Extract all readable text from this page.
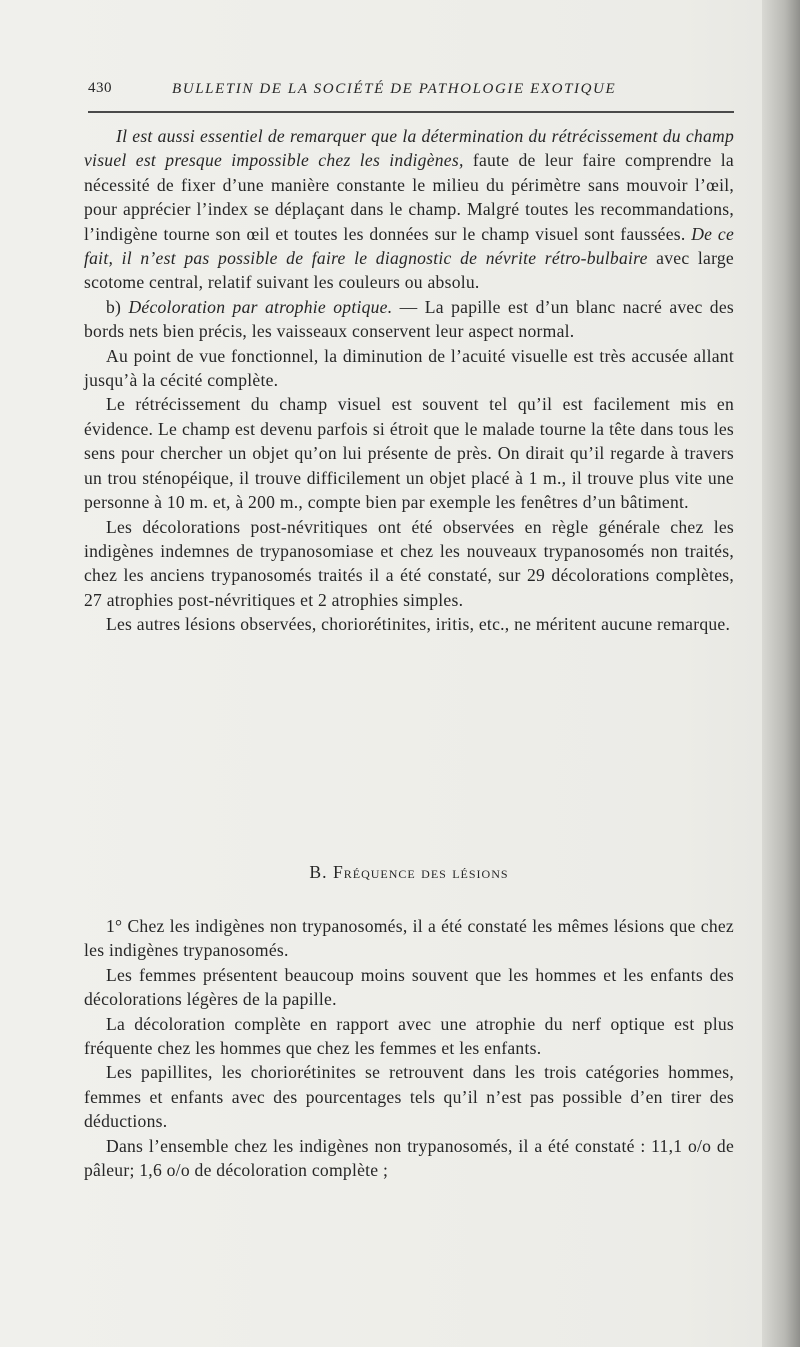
430	BULLETIN DE LA SOCIÉTÉ DE PATHOLOGIE EXOTIQUE

Il est aussi essentiel de remarquer que la détermination du rétrécissement du champ visuel est presque impossible chez les indigènes, faute de leur faire comprendre la nécessité de fixer d’une manière constante le milieu du périmètre sans mouvoir l’œil, pour apprécier l’index se déplaçant dans le champ. Malgré toutes les recommandations, l’indigène tourne son œil et toutes les données sur le champ visuel sont faussées. De ce fait, il n’est pas possible de faire le diagnostic de névrite rétro-bulbaire avec large scotome central, relatif suivant les couleurs ou absolu.

b) Décoloration par atrophie optique. — La papille est d’un blanc nacré avec des bords nets bien précis, les vaisseaux conservent leur aspect normal.

Au point de vue fonctionnel, la diminution de l’acuité visuelle est très accusée allant jusqu’à la cécité complète.

Le rétrécissement du champ visuel est souvent tel qu’il est facilement mis en évidence. Le champ est devenu parfois si étroit que le malade tourne la tête dans tous les sens pour chercher un objet qu’on lui présente de près. On dirait qu’il regarde à travers un trou sténopéique, il trouve difficilement un objet placé à 1 m., il trouve plus vite une personne à 10 m. et, à 200 m., compte bien par exemple les fenêtres d’un bâtiment.

Les décolorations post-névritiques ont été observées en règle générale chez les indigènes indemnes de trypanosomiase et chez les nouveaux trypanosomés non traités, chez les anciens trypanosomés traités il a été constaté, sur 29 décolorations complètes, 27 atrophies post-névritiques et 2 atrophies simples.

Les autres lésions observées, choriorétinites, iritis, etc., ne méritent aucune remarque.

B. Fréquence des lésions

1° Chez les indigènes non trypanosomés, il a été constaté les mêmes lésions que chez les indigènes trypanosomés.

Les femmes présentent beaucoup moins souvent que les hommes et les enfants des décolorations légères de la papille.

La décoloration complète en rapport avec une atrophie du nerf optique est plus fréquente chez les hommes que chez les femmes et les enfants.

Les papillites, les choriorétinites se retrouvent dans les trois catégories hommes, femmes et enfants avec des pourcentages tels qu’il n’est pas possible d’en tirer des déductions.

Dans l’ensemble chez les indigènes non trypanosomés, il a été constaté : 11,1 o/o de pâleur; 1,6 o/o de décoloration complète ;
